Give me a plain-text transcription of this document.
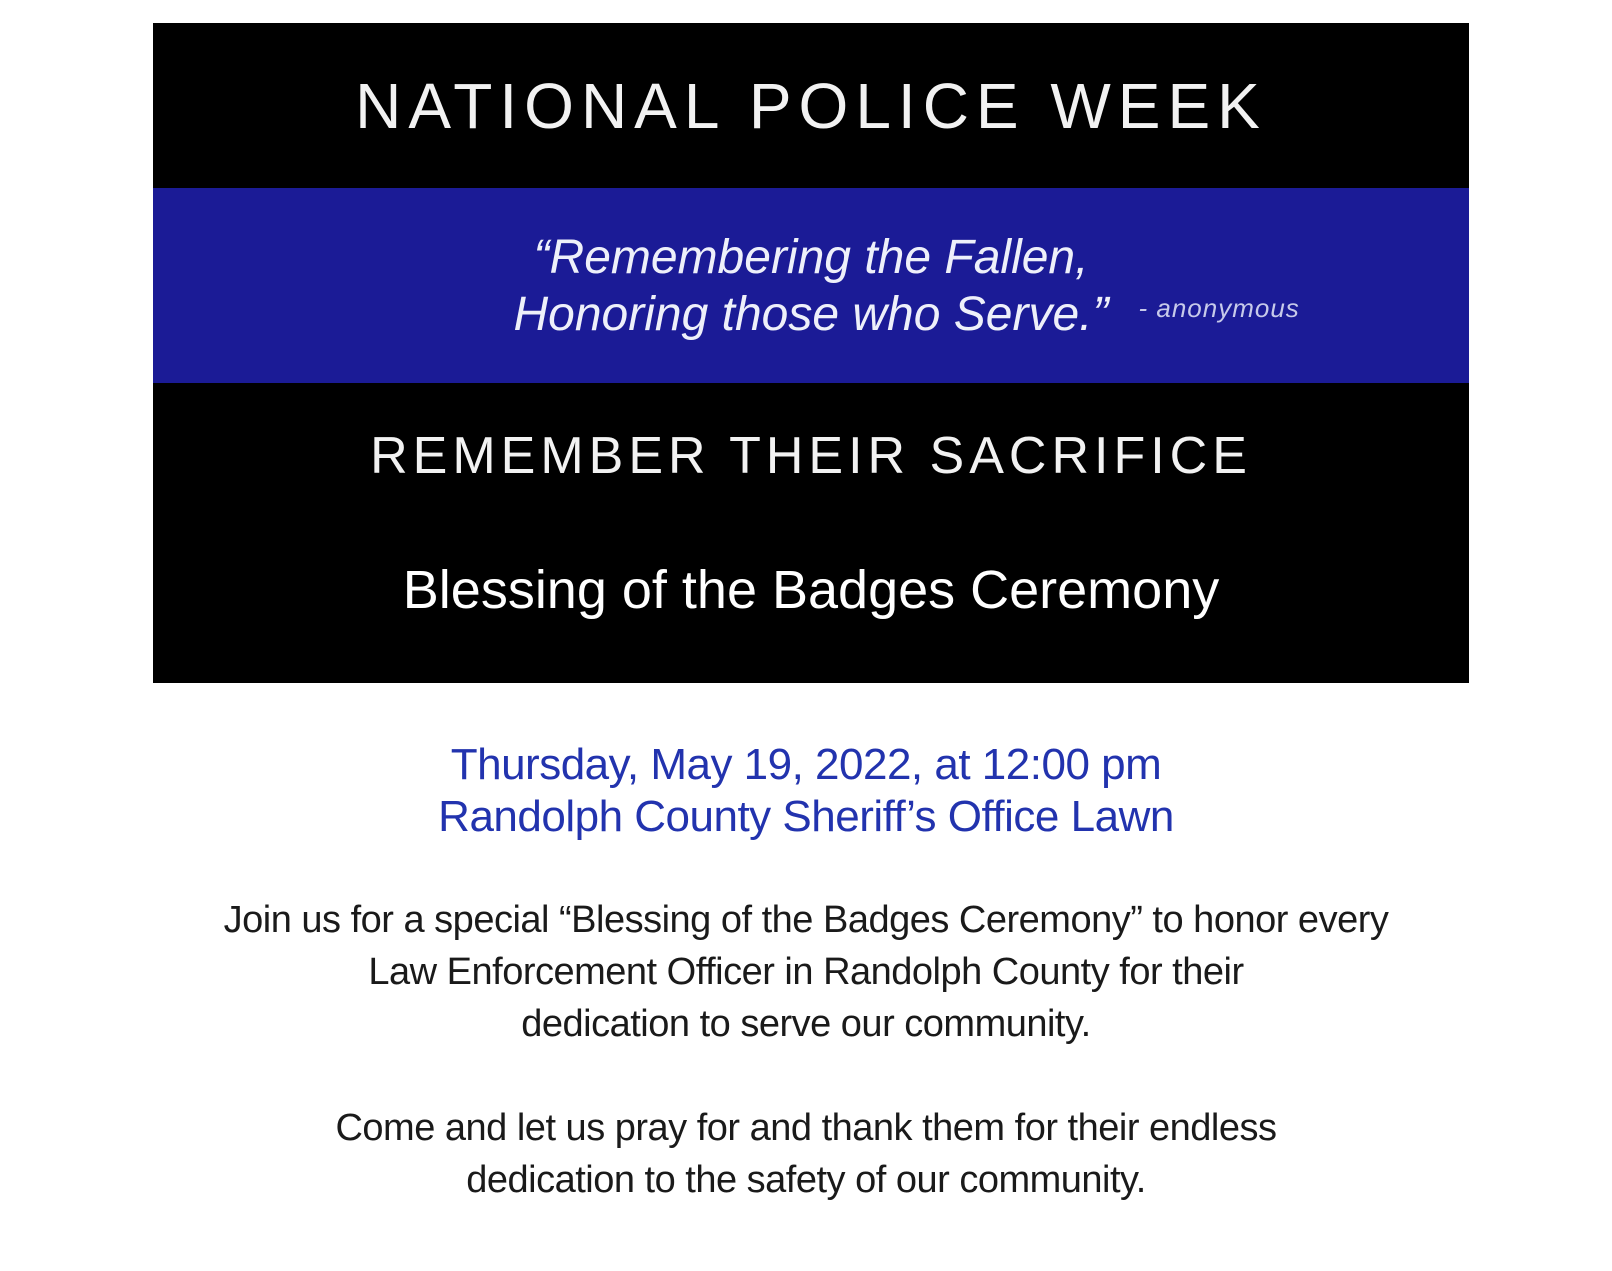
NATIONAL POLICE WEEK
“Remembering the Fallen,
Honoring those who Serve.” - anonymous
REMEMBER THEIR SACRIFICE
Blessing of the Badges Ceremony
Thursday, May 19, 2022, at 12:00 pm
Randolph County Sheriff’s Office Lawn
Join us for a special “Blessing of the Badges Ceremony” to honor every
Law Enforcement Officer in Randolph County for their
dedication to serve our community.
Come and let us pray for and thank them for their endless
dedication to the safety of our community.
